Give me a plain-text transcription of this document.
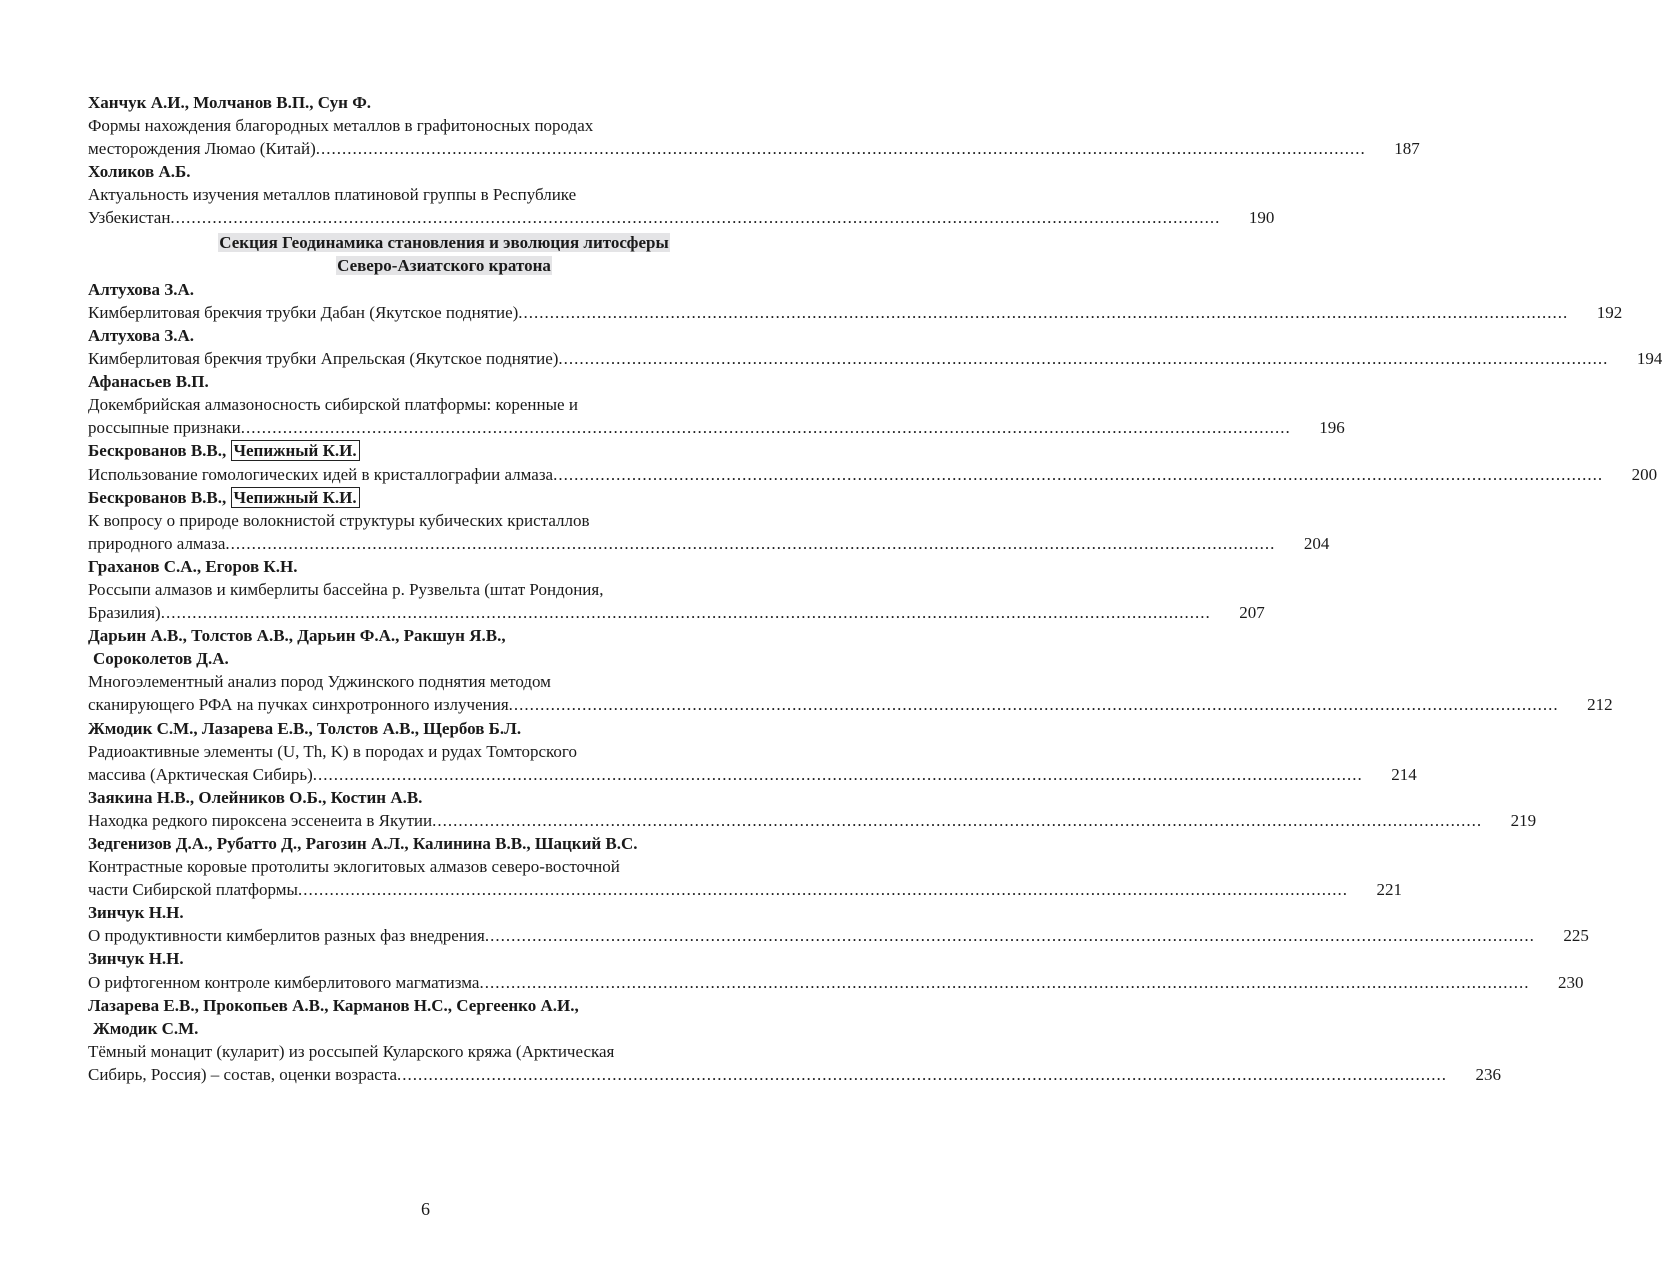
Ханчук А.И., Молчанов В.П., Сун Ф.
Формы нахождения благородных металлов в графитоносных породах
месторождения Люмао (Китай) ........................................................................................................................................................................................................	187
Холиков А.Б.
Актуальность изучения металлов платиновой группы в Республике
Узбекистан ........................................................................................................................................................................................................	190
Секция Геодинамика становления и эволюция литосферы
Северо-Азиатского кратона
Алтухова З.А.
Кимберлитовая брекчия трубки Дабан (Якутское поднятие) ........................................................................................................................................................................................................	192
Алтухова З.А.
Кимберлитовая брекчия трубки Апрельская (Якутское поднятие) ........................................................................................................................................................................................................	194
Афанасьев В.П.
Докембрийская алмазоносность сибирской платформы: коренные и
россыпные признаки ........................................................................................................................................................................................................	196
Бескрованов В.В., Чепижный К.И.
Использование гомологических идей в кристаллографии алмаза ........................................................................................................................................................................................................	200
Бескрованов В.В., Чепижный К.И.
К вопросу о природе волокнистой структуры кубических кристаллов
природного алмаза ........................................................................................................................................................................................................	204
Граханов С.А., Егоров К.Н.
Россыпи алмазов и кимберлиты бассейна р. Рузвельта (штат Рондония,
Бразилия) ........................................................................................................................................................................................................	207
Дарьин А.В., Толстов А.В., Дарьин Ф.А., Ракшун Я.В.,
Сороколетов Д.А.
Многоэлементный анализ пород Уджинского поднятия методом
сканирующего РФА на пучках синхротронного излучения ........................................................................................................................................................................................................	212
Жмодик С.М., Лазарева Е.В., Толстов А.В., Щербов Б.Л.
Радиоактивные элементы (U, Th, K) в породах и рудах Томторского
массива (Арктическая Сибирь) ........................................................................................................................................................................................................	214
Заякина Н.В., Олейников О.Б., Костин А.В.
Находка редкого пироксена эссенеита в Якутии ........................................................................................................................................................................................................	219
Зедгенизов Д.А., Рубатто Д., Рагозин А.Л., Калинина В.В., Шацкий В.С.
Контрастные коровые протолиты эклогитовых алмазов северо-восточной
части Сибирской платформы ........................................................................................................................................................................................................	221
Зинчук Н.Н.
О продуктивности кимберлитов разных фаз внедрения ........................................................................................................................................................................................................	225
Зинчук Н.Н.
О рифтогенном контроле кимберлитового магматизма ........................................................................................................................................................................................................	230
Лазарева Е.В., Прокопьев А.В., Карманов Н.С., Сергеенко А.И.,
Жмодик С.М.
Тёмный монацит (куларит) из россыпей Куларского кряжа (Арктическая
Сибирь, Россия) – состав, оценки возраста ........................................................................................................................................................................................................	236
6
